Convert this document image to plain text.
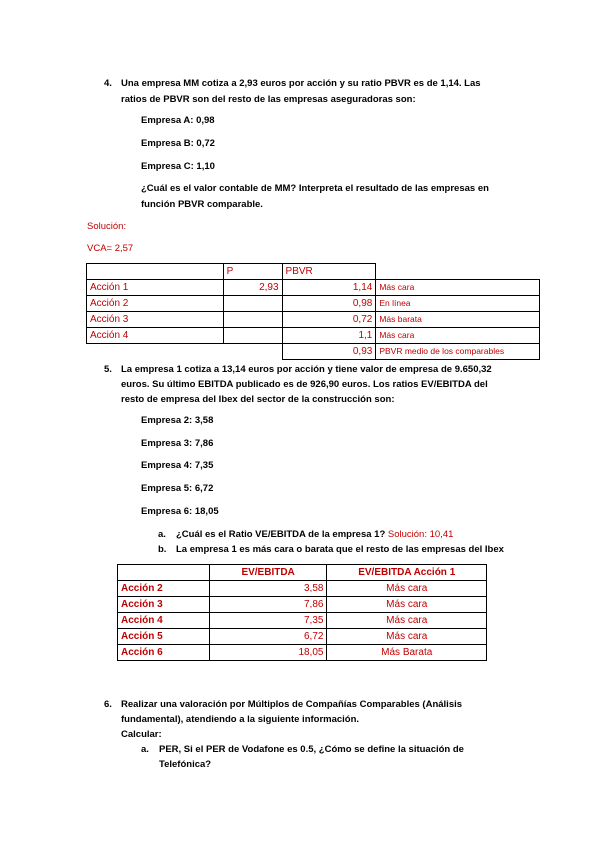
4. Una empresa MM cotiza a 2,93 euros por acción y su ratio PBVR es de 1,14. Las
ratios de PBVR son del resto de las empresas aseguradoras son:
Empresa A: 0,98
Empresa B: 0,72
Empresa C: 1,10
¿Cuál es el valor contable de MM? Interpreta el resultado de las empresas en
función PBVR comparable.
Solución:
VCA= 2,57
	P	PBVR	
Acción 1	2,93	1,14	Más cara
Acción 2		0,98	En línea
Acción 3		0,72	Más barata
Acción 4		1,1	Más cara
		0,93	PBVR medio de los comparables
5. La empresa 1 cotiza a 13,14 euros por acción y tiene valor de empresa de 9.650,32
euros. Su último EBITDA publicado es de 926,90 euros. Los ratios EV/EBITDA del
resto de empresa del Ibex del sector de la construcción son:
Empresa 2: 3,58
Empresa 3: 7,86
Empresa 4: 7,35
Empresa 5: 6,72
Empresa 6: 18,05
a. ¿Cuál es el Ratio VE/EBITDA de la empresa 1? Solución: 10,41
b. La empresa 1 es más cara o barata que el resto de las empresas del Ibex
	EV/EBITDA	EV/EBITDA Acción 1
Acción 2	3,58	Más cara
Acción 3	7,86	Más cara
Acción 4	7,35	Más cara
Acción 5	6,72	Más cara
Acción 6	18,05	Más Barata
6. Realizar una valoración por Múltiplos de Compañías Comparables (Análisis
fundamental), atendiendo a la siguiente información.
Calcular:
a. PER, Si el PER de Vodafone es 0.5, ¿Cómo se define la situación de
Telefónica?
